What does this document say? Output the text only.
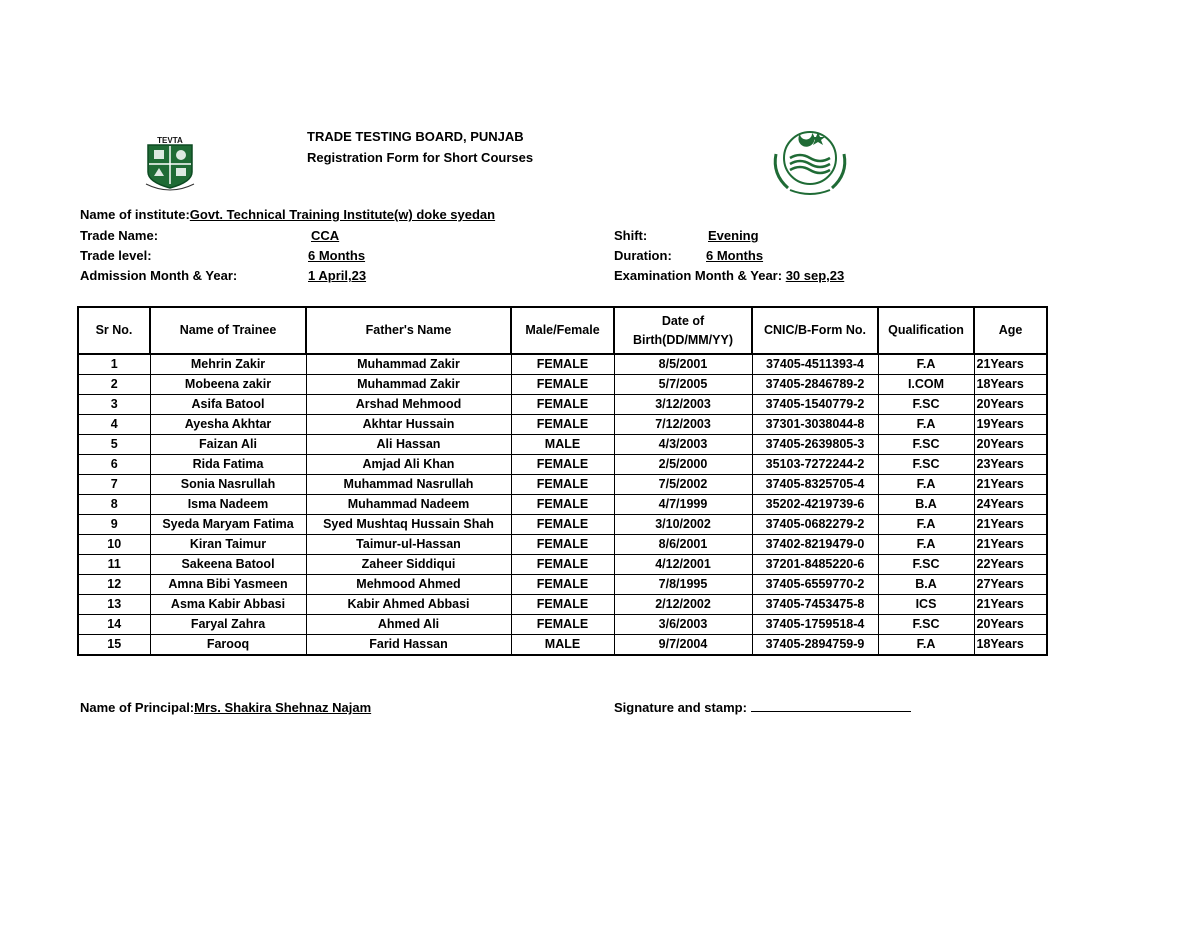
TEVTA	TRADE TESTING BOARD, PUNJAB
Registration Form for Short Courses
Name of institute:Govt. Technical Training Institute(w) doke syedan
Trade Name:	CCA	Shift:	Evening
Trade level:	6 Months	Duration:	6 Months
Admission Month & Year:	1 April,23	Examination Month & Year: 30 sep,23
Sr No.	Name of Trainee	Father's Name	Male/Female	Date of Birth(DD/MM/YY)	CNIC/B-Form No.	Qualification	Age
1	Mehrin Zakir	Muhammad Zakir	FEMALE	8/5/2001	37405-4511393-4	F.A	21Years
2	Mobeena zakir	Muhammad Zakir	FEMALE	5/7/2005	37405-2846789-2	I.COM	18Years
3	Asifa Batool	Arshad Mehmood	FEMALE	3/12/2003	37405-1540779-2	F.SC	20Years
4	Ayesha Akhtar	Akhtar Hussain	FEMALE	7/12/2003	37301-3038044-8	F.A	19Years
5	Faizan Ali	Ali Hassan	MALE	4/3/2003	37405-2639805-3	F.SC	20Years
6	Rida Fatima	Amjad Ali Khan	FEMALE	2/5/2000	35103-7272244-2	F.SC	23Years
7	Sonia Nasrullah	Muhammad Nasrullah	FEMALE	7/5/2002	37405-8325705-4	F.A	21Years
8	Isma Nadeem	Muhammad Nadeem	FEMALE	4/7/1999	35202-4219739-6	B.A	24Years
9	Syeda Maryam Fatima	Syed Mushtaq Hussain Shah	FEMALE	3/10/2002	37405-0682279-2	F.A	21Years
10	Kiran Taimur	Taimur-ul-Hassan	FEMALE	8/6/2001	37402-8219479-0	F.A	21Years
11	Sakeena Batool	Zaheer Siddiqui	FEMALE	4/12/2001	37201-8485220-6	F.SC	22Years
12	Amna Bibi Yasmeen	Mehmood Ahmed	FEMALE	7/8/1995	37405-6559770-2	B.A	27Years
13	Asma Kabir Abbasi	Kabir Ahmed Abbasi	FEMALE	2/12/2002	37405-7453475-8	ICS	21Years
14	Faryal Zahra	Ahmed Ali	FEMALE	3/6/2003	37405-1759518-4	F.SC	20Years
15	Farooq	Farid Hassan	MALE	9/7/2004	37405-2894759-9	F.A	18Years
Name of Principal:Mrs. Shakira Shehnaz Najam	Signature and stamp:
